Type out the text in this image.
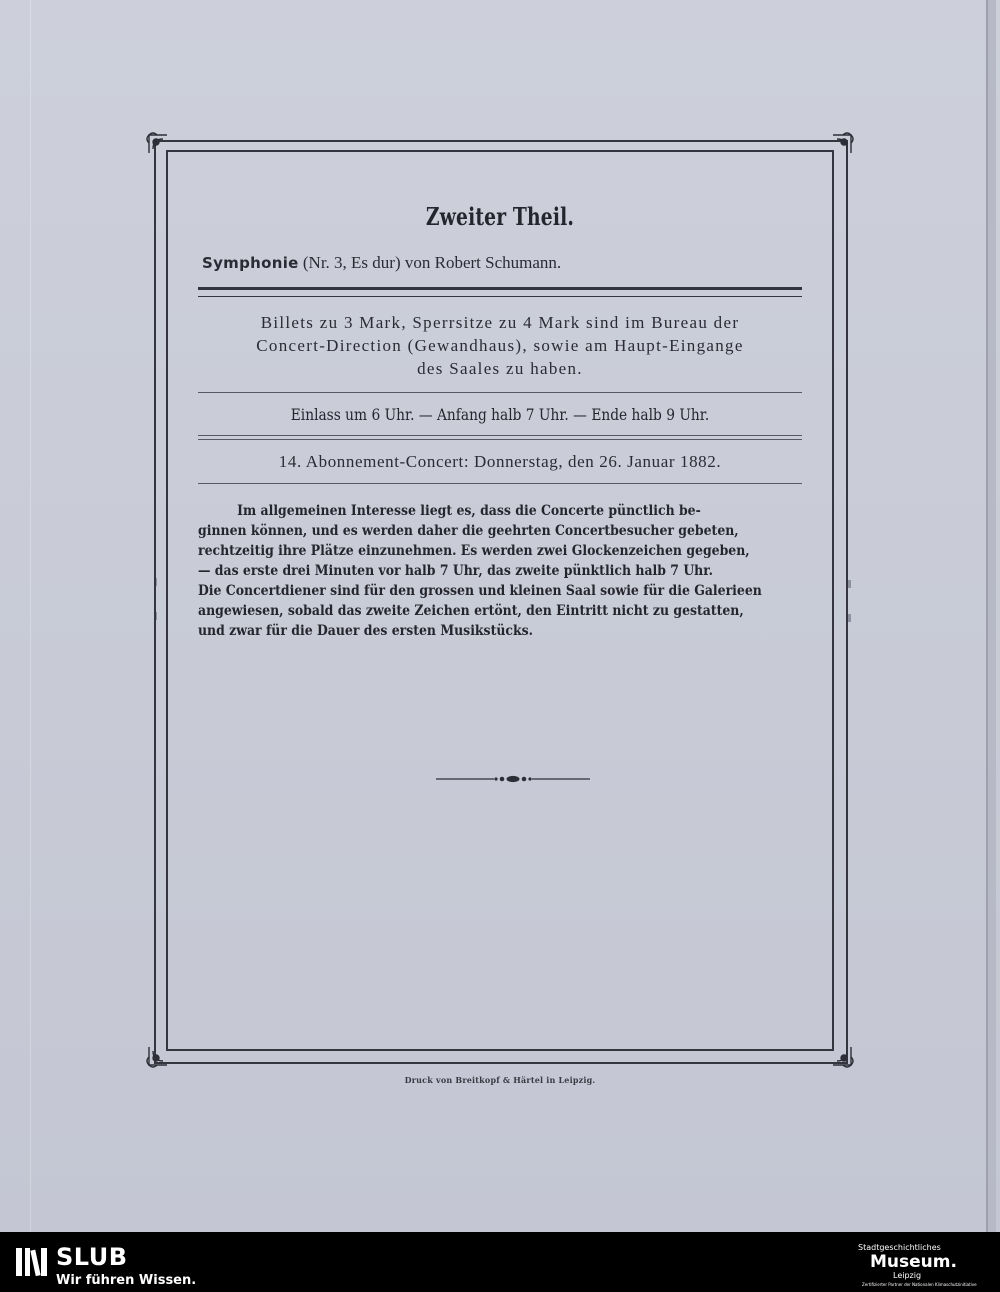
Zweiter Theil.
Symphonie (Nr. 3, Es dur) von Robert Schumann.
Billets zu 3 Mark, Sperrsitze zu 4 Mark sind im Bureau der
Concert-Direction (Gewandhaus), sowie am Haupt-Eingange
des Saales zu haben.
Einlass um 6 Uhr. — Anfang halb 7 Uhr. — Ende halb 9 Uhr.
14. Abonnement-Concert: Donnerstag, den 26. Januar 1882.
Im allgemeinen Interesse liegt es, dass die Concerte pünctlich be-
ginnen können, und es werden daher die geehrten Concertbesucher gebeten,
rechtzeitig ihre Plätze einzunehmen. Es werden zwei Glockenzeichen gegeben,
— das erste drei Minuten vor halb 7 Uhr, das zweite pünktlich halb 7 Uhr.
Die Concertdiener sind für den grossen und kleinen Saal sowie für die Galerieen
angewiesen, sobald das zweite Zeichen ertönt, den Eintritt nicht zu gestatten,
und zwar für die Dauer des ersten Musikstücks.
Druck von Breitkopf & Härtel in Leipzig.
SLUB
Wir führen Wissen.
Stadtgeschichtliches
Museum.
Leipzig
Zertifizierter Partner der Nationalen Klimaschutzinitiative
